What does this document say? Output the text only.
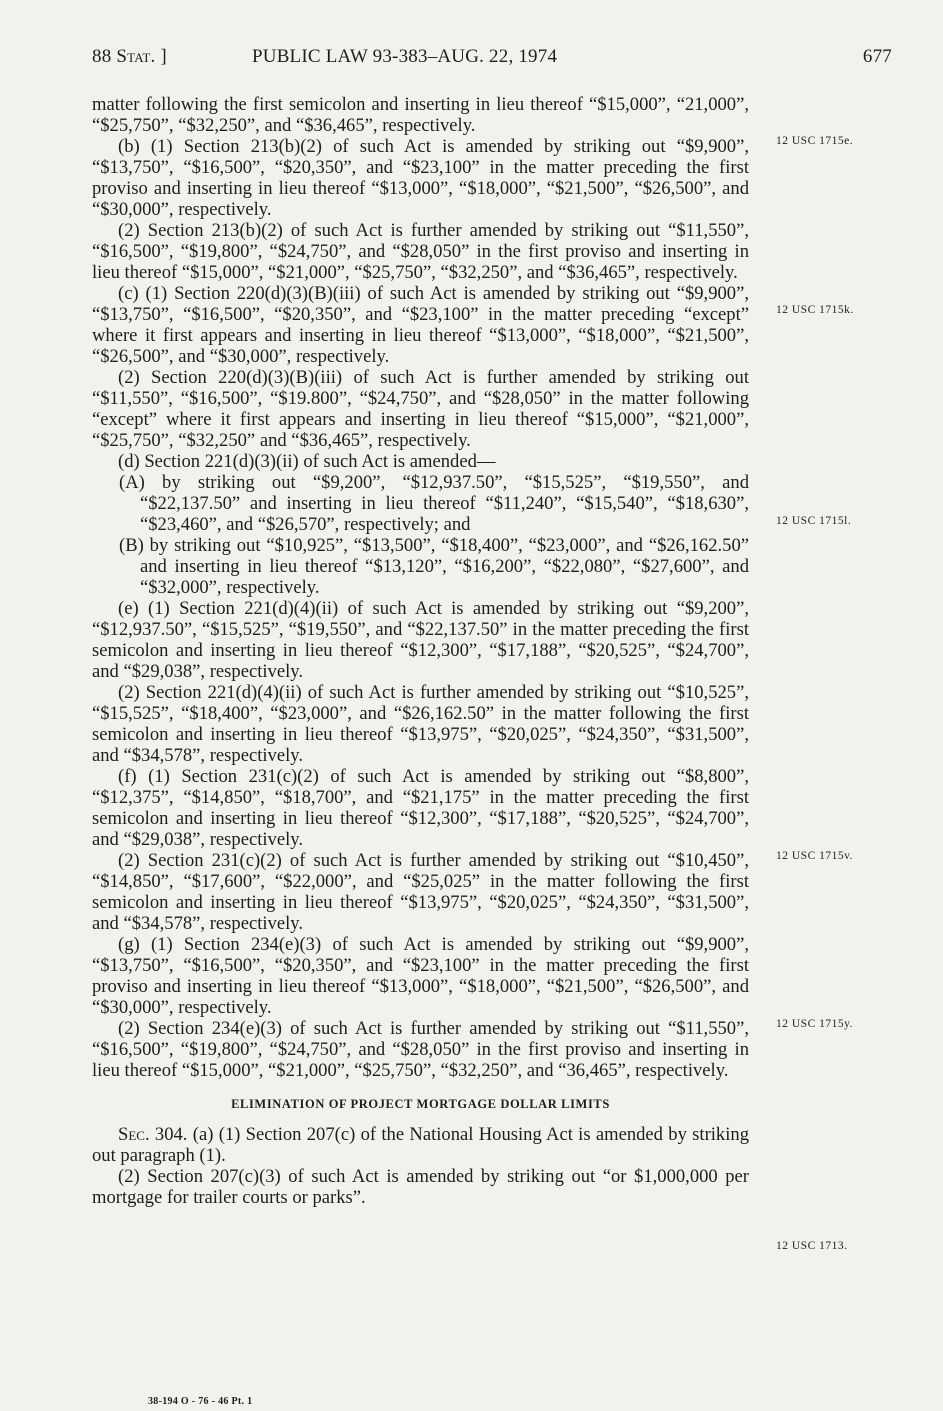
88 Stat. ]	PUBLIC LAW 93-383–AUG. 22, 1974	677

matter following the first semicolon and inserting in lieu thereof “$15,000”, “21,000”, “$25,750”, “$32,250”, and “$36,465”, respectively.

(b) (1) Section 213(b)(2) of such Act is amended by striking out “$9,900”, “$13,750”, “$16,500”, “$20,350”, and “$23,100” in the matter preceding the first proviso and inserting in lieu thereof “$13,000”, “$18,000”, “$21,500”, “$26,500”, and “$30,000”, respectively.

(2) Section 213(b)(2) of such Act is further amended by striking out “$11,550”, “$16,500”, “$19,800”, “$24,750”, and “$28,050” in the first proviso and inserting in lieu thereof “$15,000”, “$21,000”, “$25,750”, “$32,250”, and “$36,465”, respectively.

(c) (1) Section 220(d)(3)(B)(iii) of such Act is amended by striking out “$9,900”, “$13,750”, “$16,500”, “$20,350”, and “$23,100” in the matter preceding “except” where it first appears and inserting in lieu thereof “$13,000”, “$18,000”, “$21,500”, “$26,500”, and “$30,000”, respectively.

(2) Section 220(d)(3)(B)(iii) of such Act is further amended by striking out “$11,550”, “$16,500”, “$19.800”, “$24,750”, and “$28,050” in the matter following “except” where it first appears and inserting in lieu thereof “$15,000”, “$21,000”, “$25,750”, “$32,250” and “$36,465”, respectively.

(d) Section 221(d)(3)(ii) of such Act is amended—

(A) by striking out “$9,200”, “$12,937.50”, “$15,525”, “$19,550”, and “$22,137.50” and inserting in lieu thereof “$11,240”, “$15,540”, “$18,630”, “$23,460”, and “$26,570”, respectively; and

(B) by striking out “$10,925”, “$13,500”, “$18,400”, “$23,000”, and “$26,162.50” and inserting in lieu thereof “$13,120”, “$16,200”, “$22,080”, “$27,600”, and “$32,000”, respectively.

(e) (1) Section 221(d)(4)(ii) of such Act is amended by striking out “$9,200”, “$12,937.50”, “$15,525”, “$19,550”, and “$22,137.50” in the matter preceding the first semicolon and inserting in lieu thereof “$12,300”, “$17,188”, “$20,525”, “$24,700”, and “$29,038”, respectively.

(2) Section 221(d)(4)(ii) of such Act is further amended by striking out “$10,525”, “$15,525”, “$18,400”, “$23,000”, and “$26,162.50” in the matter following the first semicolon and inserting in lieu thereof “$13,975”, “$20,025”, “$24,350”, “$31,500”, and “$34,578”, respectively.

(f) (1) Section 231(c)(2) of such Act is amended by striking out “$8,800”, “$12,375”, “$14,850”, “$18,700”, and “$21,175” in the matter preceding the first semicolon and inserting in lieu thereof “$12,300”, “$17,188”, “$20,525”, “$24,700”, and “$29,038”, respectively.

(2) Section 231(c)(2) of such Act is further amended by striking out “$10,450”, “$14,850”, “$17,600”, “$22,000”, and “$25,025” in the matter following the first semicolon and inserting in lieu thereof “$13,975”, “$20,025”, “$24,350”, “$31,500”, and “$34,578”, respectively.

(g) (1) Section 234(e)(3) of such Act is amended by striking out “$9,900”, “$13,750”, “$16,500”, “$20,350”, and “$23,100” in the matter preceding the first proviso and inserting in lieu thereof “$13,000”, “$18,000”, “$21,500”, “$26,500”, and “$30,000”, respectively.

(2) Section 234(e)(3) of such Act is further amended by striking out “$11,550”, “$16,500”, “$19,800”, “$24,750”, and “$28,050” in the first proviso and inserting in lieu thereof “$15,000”, “$21,000”, “$25,750”, “$32,250”, and “36,465”, respectively.

ELIMINATION OF PROJECT MORTGAGE DOLLAR LIMITS

Sec. 304. (a) (1) Section 207(c) of the National Housing Act is amended by striking out paragraph (1).

(2) Section 207(c)(3) of such Act is amended by striking out “or $1,000,000 per mortgage for trailer courts or parks”.

12 USC 1715e.
12 USC 1715k.
12 USC 1715l.
12 USC 1715v.
12 USC 1715y.
12 USC 1713.
38-194 O - 76 - 46 Pt. 1
